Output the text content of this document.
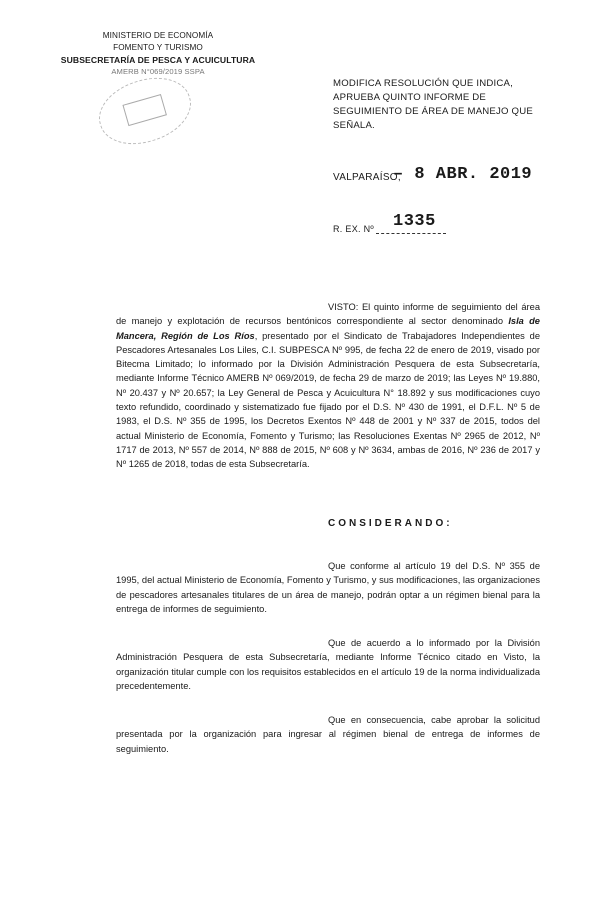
MINISTERIO DE ECONOMÍA
FOMENTO Y TURISMO
SUBSECRETARÍA DE PESCA Y ACUICULTURA
AMERB N°069/2019 SSPA
MODIFICA RESOLUCIÓN QUE INDICA, APRUEBA QUINTO INFORME DE SEGUIMIENTO DE ÁREA DE MANEJO QUE SEÑALA.
VALPARAÍSO,
– 8 ABR. 2019
R. EX. Nº 1335
VISTO: El quinto informe de seguimiento del área de manejo y explotación de recursos bentónicos correspondiente al sector denominado Isla de Mancera, Región de Los Ríos, presentado por el Sindicato de Trabajadores Independientes de Pescadores Artesanales Los Liles, C.I. SUBPESCA Nº 995, de fecha 22 de enero de 2019, visado por Bitecma Limitado; lo informado por la División Administración Pesquera de esta Subsecretaría, mediante Informe Técnico AMERB Nº 069/2019, de fecha 29 de marzo de 2019; las Leyes Nº 19.880, Nº 20.437 y Nº 20.657; la Ley General de Pesca y Acuicultura N° 18.892 y sus modificaciones cuyo texto refundido, coordinado y sistematizado fue fijado por el D.S. Nº 430 de 1991, el D.F.L. Nº 5 de 1983, el D.S. Nº 355 de 1995, los Decretos Exentos Nº 448 de 2001 y Nº 337 de 2015, todos del actual Ministerio de Economía, Fomento y Turismo; las Resoluciones Exentas Nº 2965 de 2012, Nº 1717 de 2013, Nº 557 de 2014, Nº 888 de 2015, Nº 608 y Nº 3634, ambas de 2016, Nº 236 de 2017 y Nº 1265 de 2018, todas de esta Subsecretaría.
CONSIDERANDO:
Que conforme al artículo 19 del D.S. Nº 355 de 1995, del actual Ministerio de Economía, Fomento y Turismo, y sus modificaciones, las organizaciones de pescadores artesanales titulares de un área de manejo, podrán optar a un régimen bienal para la entrega de informes de seguimiento.
Que de acuerdo a lo informado por la División Administración Pesquera de esta Subsecretaría, mediante Informe Técnico citado en Visto, la organización titular cumple con los requisitos establecidos en el artículo 19 de la norma individualizada precedentemente.
Que en consecuencia, cabe aprobar la solicitud presentada por la organización para ingresar al régimen bienal de entrega de informes de seguimiento.
